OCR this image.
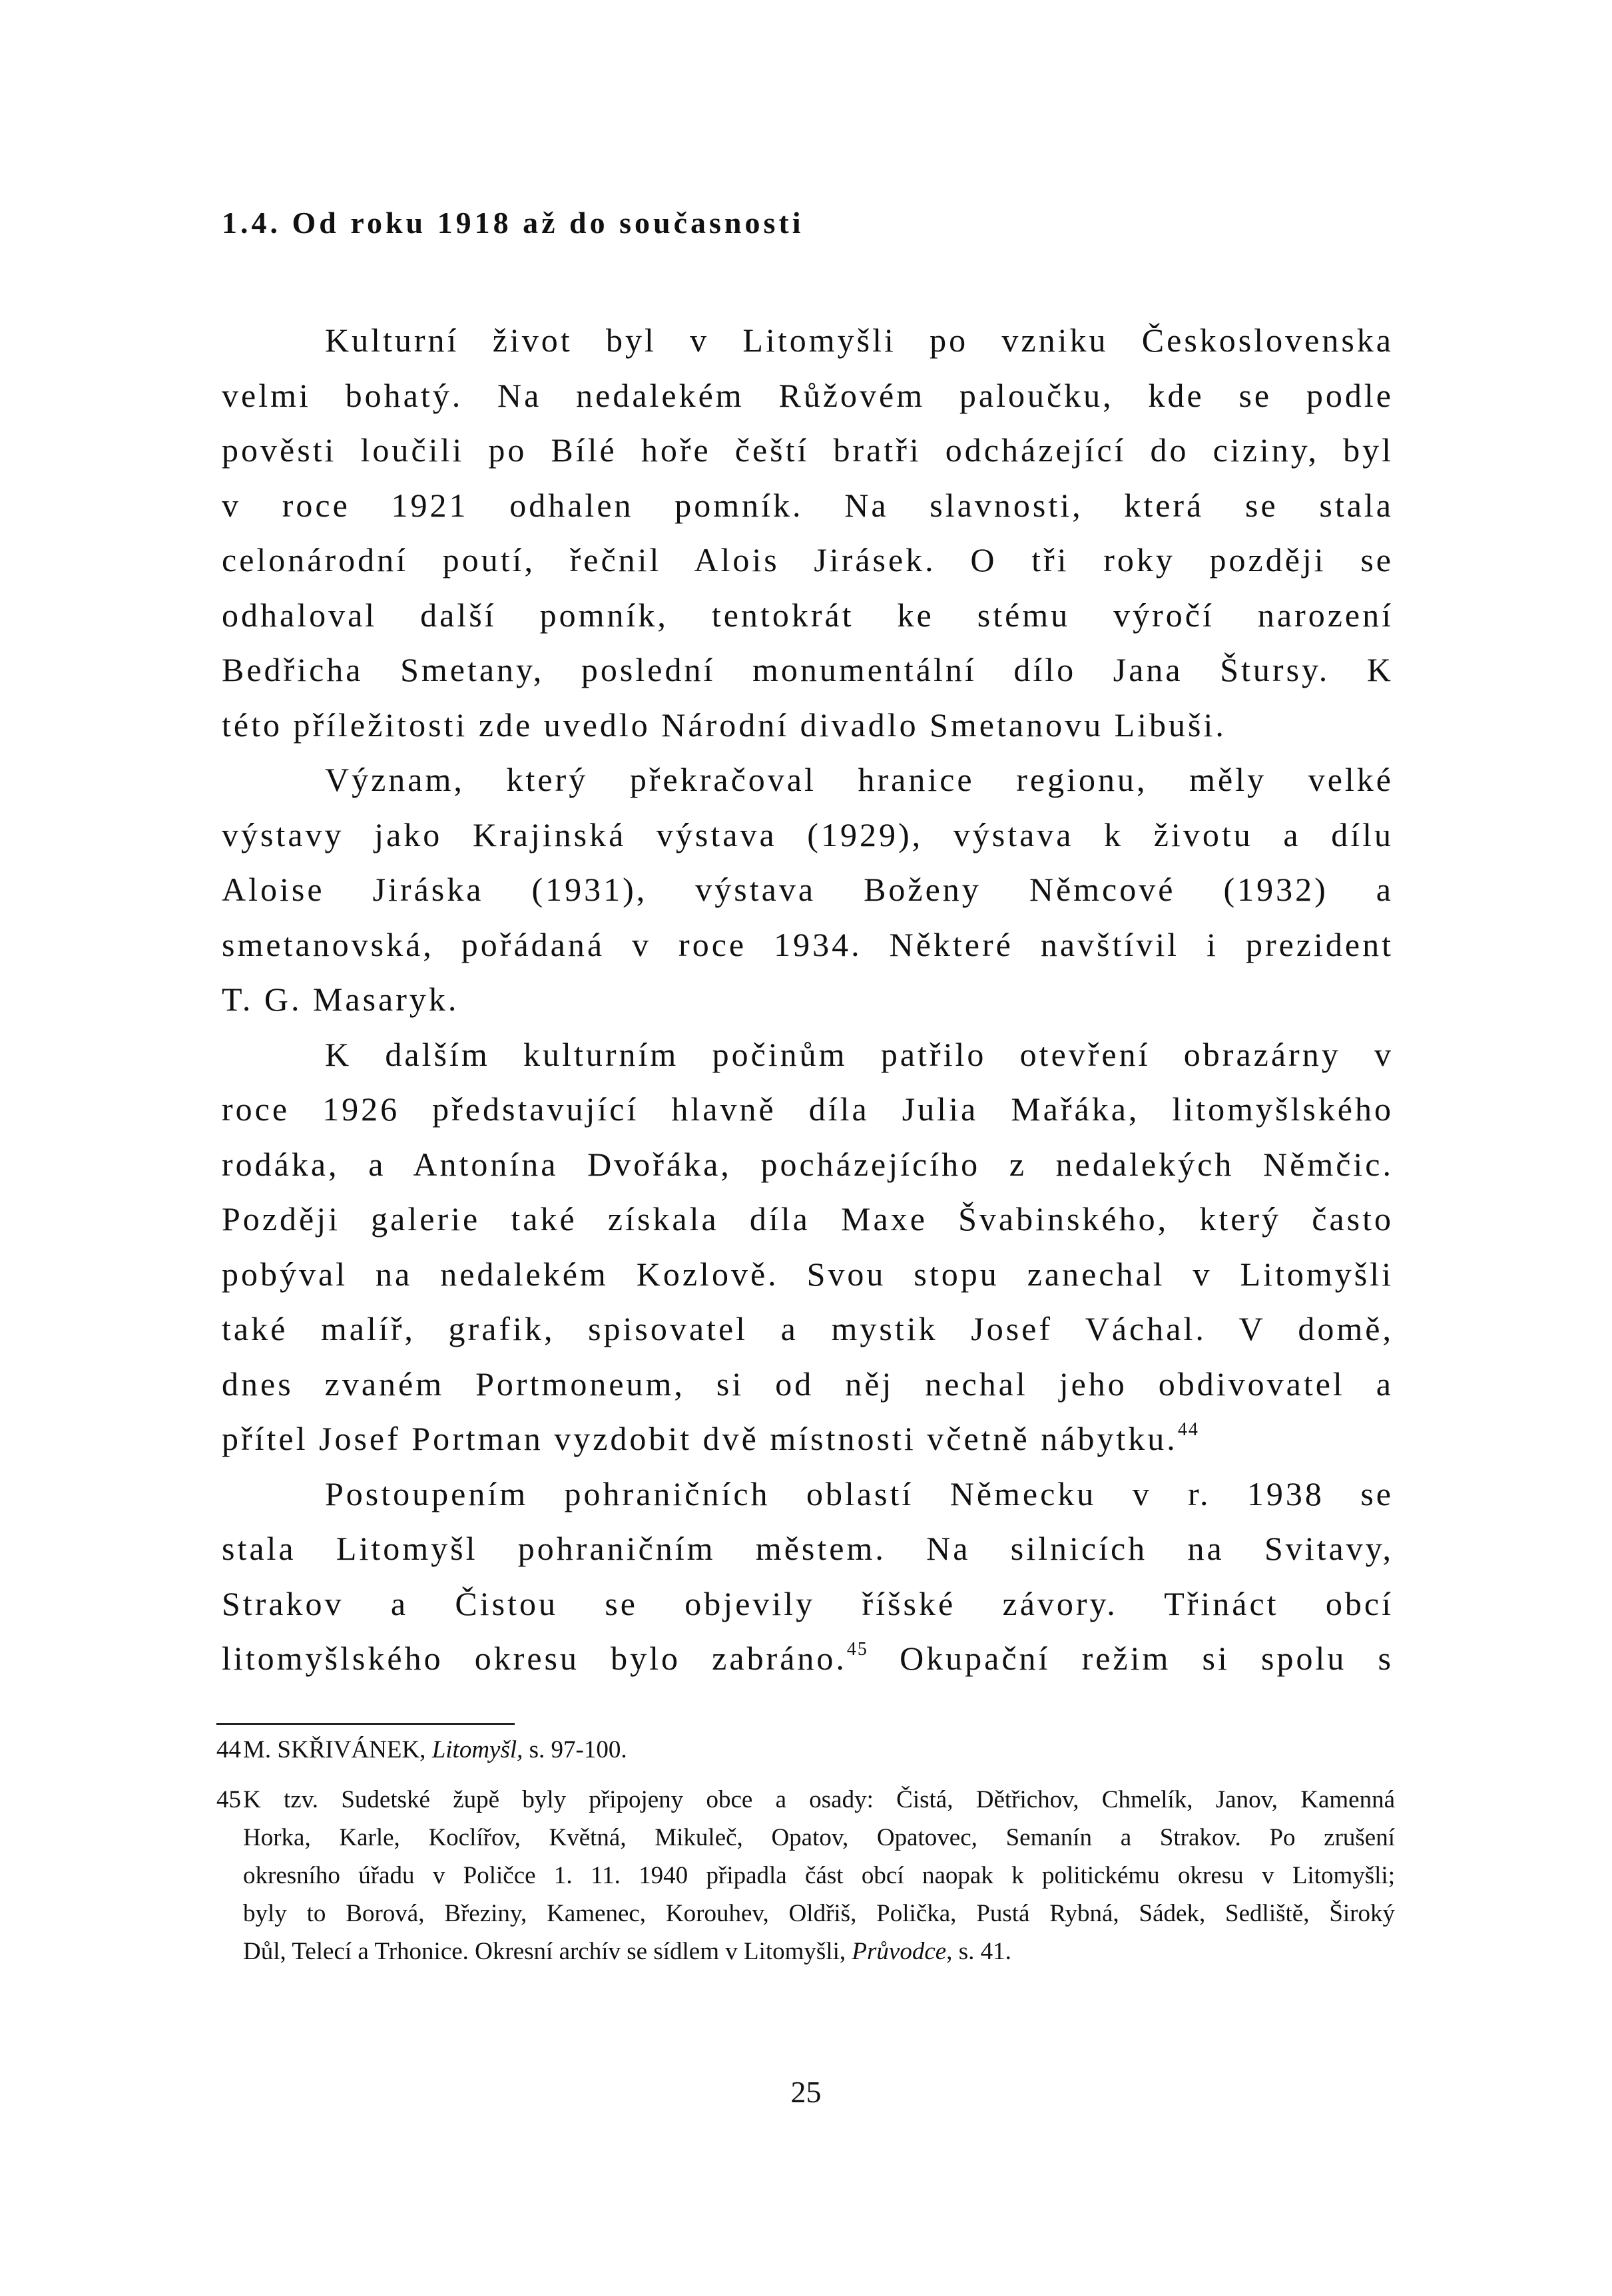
1.4. Od roku 1918 až do současnosti
Kulturní život byl v Litomyšli po vzniku Československa
velmi bohatý. Na nedalekém Růžovém paloučku, kde se podle
pověsti loučili po Bílé hoře čeští bratři odcházející do ciziny, byl
v roce 1921 odhalen pomník. Na slavnosti, která se stala
celonárodní poutí, řečnil Alois Jirásek. O tři roky později se
odhaloval další pomník, tentokrát ke stému výročí narození
Bedřicha Smetany, poslední monumentální dílo Jana Štursy. K
této příležitosti zde uvedlo Národní divadlo Smetanovu Libuši.
Význam, který překračoval hranice regionu, měly velké
výstavy jako Krajinská výstava (1929), výstava k životu a dílu
Aloise Jiráska (1931), výstava Boženy Němcové (1932) a
smetanovská, pořádaná v roce 1934. Některé navštívil i prezident
T. G. Masaryk.
K dalším kulturním počinům patřilo otevření obrazárny v
roce 1926 představující hlavně díla Julia Mařáka, litomyšlského
rodáka, a Antonína Dvořáka, pocházejícího z nedalekých Němčic.
Později galerie také získala díla Maxe Švabinského, který často
pobýval na nedalekém Kozlově. Svou stopu zanechal v Litomyšli
také malíř, grafik, spisovatel a mystik Josef Váchal. V domě,
dnes zvaném Portmoneum, si od něj nechal jeho obdivovatel a
přítel Josef Portman vyzdobit dvě místnosti včetně nábytku.$^{44}$
Postoupením pohraničních oblastí Německu v r. 1938 se
stala Litomyšl pohraničním městem. Na silnicích na Svitavy,
Strakov a Čistou se objevily říšské závory. Třináct obcí
litomyšlského okresu bylo zabráno.$^{45}$ Okupační režim si spolu s
44 M. SKŘIVÁNEK, Litomyšl, s. 97-100.
45 K tzv. Sudetské župě byly připojeny obce a osady: Čistá, Dětřichov, Chmelík, Janov, Kamenná
Horka, Karle, Koclířov, Květná, Mikuleč, Opatov, Opatovec, Semanín a Strakov. Po zrušení
okresního úřadu v Poličce 1. 11. 1940 připadla část obcí naopak k politickému okresu v Litomyšli;
byly to Borová, Březiny, Kamenec, Korouhev, Oldřiš, Polička, Pustá Rybná, Sádek, Sedliště, Široký
Důl, Telecí a Trhonice. Okresní archív se sídlem v Litomyšli, Průvodce, s. 41.
25
